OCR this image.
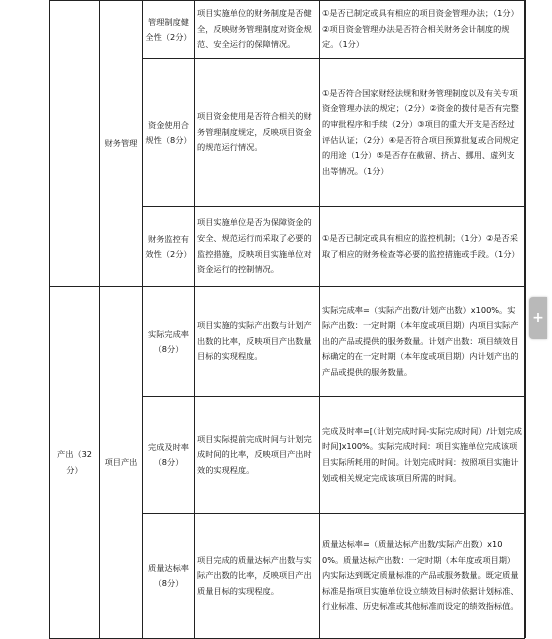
	财务管理	管理制度健全性（2分）	项目实施单位的财务制度是否健全，反映财务管理制度对资金规范、安全运行的保障情况。	①是否已制定或具有相应的项目资金管理办法；（1分）②项目资金管理办法是否符合相关财务会计制度的规定。（1分）
		资金使用合规性（8分）	项目资金使用是否符合相关的财务管理制度规定，反映项目资金的规范运行情况。	①是否符合国家财经法规和财务管理制度以及有关专项资金管理办法的规定；（2分）②资金的拨付是否有完整的审批程序和手续（2分）③项目的重大开支是否经过评估认证；（2分）④是否符合项目预算批复或合同规定的用途（1分）⑤是否存在截留、挤占、挪用、虚列支出等情况。（1分）
		财务监控有效性（2分）	项目实施单位是否为保障资金的安全、规范运行而采取了必要的监控措施，反映项目实施单位对资金运行的控制情况。	①是否已制定或具有相应的监控机制；（1分）②是否采取了相应的财务检查等必要的监控措施或手段。（1分）
产出（32分）	项目产出	实际完成率（8分）	项目实施的实际产出数与计划产出数的比率，反映项目产出数量目标的实现程度。	实际完成率=（实际产出数/计划产出数）x100%。实际产出数：一定时期（本年度或项目期）内项目实际产出的产品或提供的服务数量。计划产出数：项目绩效目标确定的在一定时期（本年度或项目期）内计划产出的产品或提供的服务数量。
		完成及时率（8分）	项目实际提前完成时间与计划完成时间的比率，反映项目产出时效的实现程度。	完成及时率=[（计划完成时间-实际完成时间）/计划完成时间]x100%。实际完成时间：项目实施单位完成该项目实际所耗用的时间。计划完成时间：按照项目实施计划或相关规定完成该项目所需的时间。
		质量达标率（8分）	项目完成的质量达标产出数与实际产出数的比率，反映项目产出质量目标的实现程度。	质量达标率=（质量达标产出数/实际产出数）x100%。质量达标产出数：一定时期（本年度或项目期）内实际达到既定质量标准的产品或服务数量。既定质量标准是指项目实施单位设立绩效目标时依据计划标准、行业标准、历史标准或其他标准而设定的绩效指标值。
+
